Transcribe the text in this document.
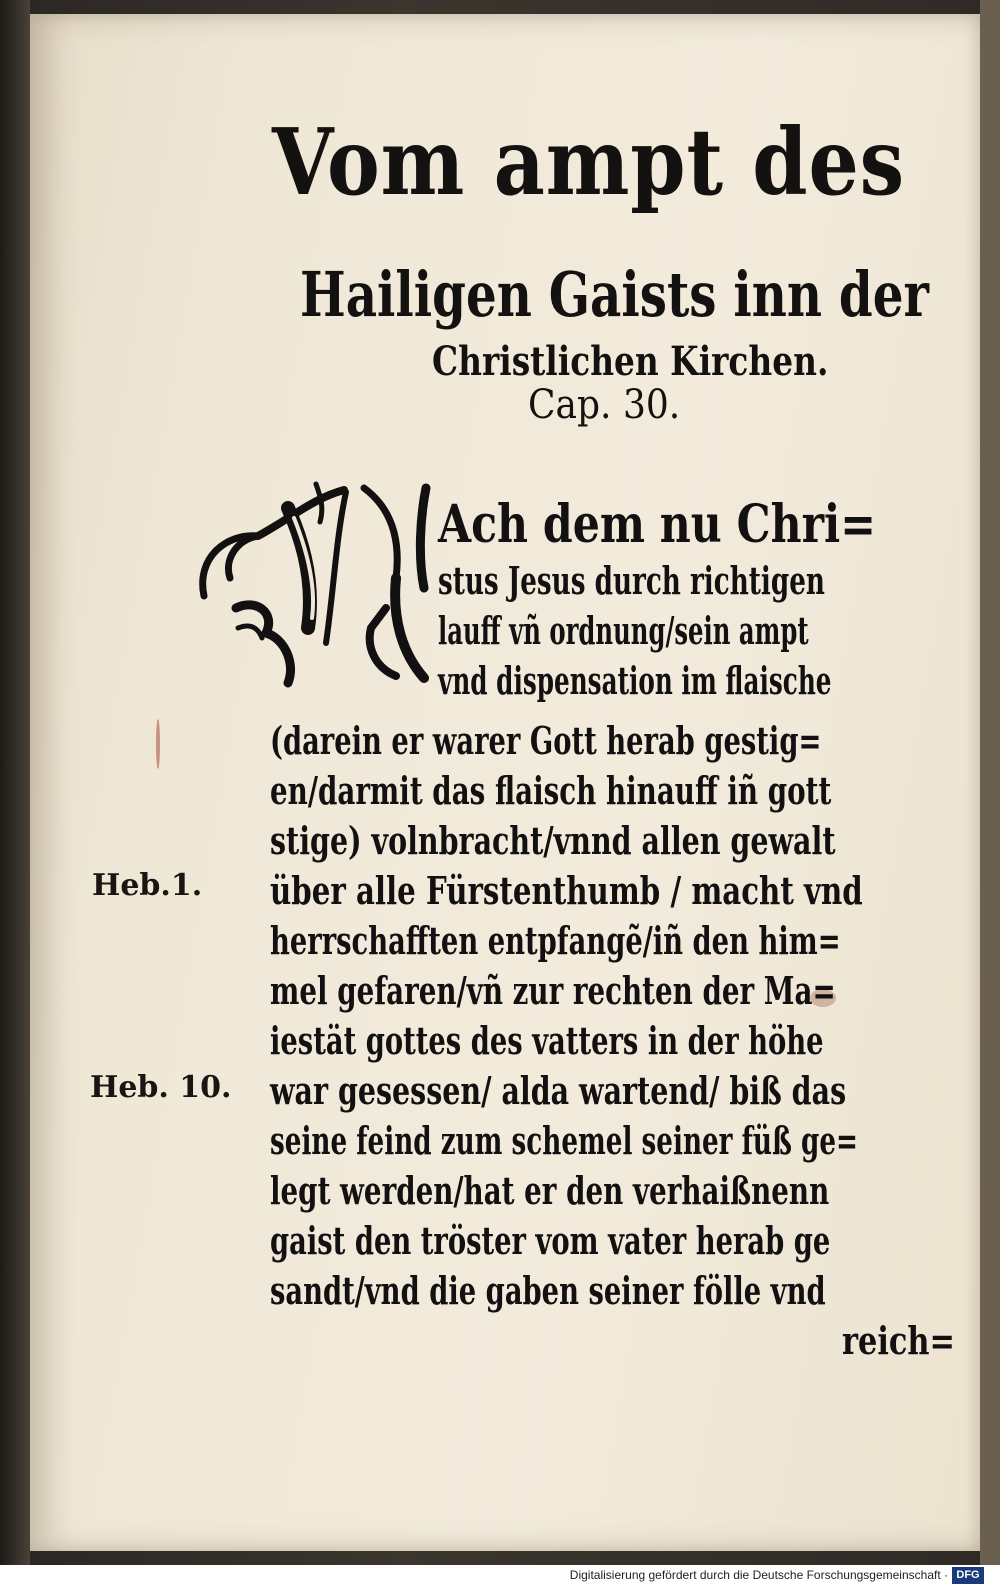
Vom ampt des
Hailigen Gaists inn der
Christlichen Kirchen.
Cap. 30.
Ach dem nu Chri=
stus Jesus durch richtigen
lauff vñ ordnung/sein ampt
vnd dispensation im flaische
(darein er warer Gott herab gestig=
en/darmit das flaisch hinauff iñ gott
stige) volnbracht/vnnd allen gewalt
über alle Fürstenthumb / macht vnd
herrschafften entpfangẽ/iñ den him=
mel gefaren/vñ zur rechten der Ma=
iestät gottes des vatters in der höhe
war gesessen/ alda wartend/ biß das
seine feind zum schemel seiner füß ge=
legt werden/hat er den verhaißnenn
gaist den tröster vom vater herab ge
sandt/vnd die gaben seiner fölle vnd
reich=
Heb.1.
Heb. 10.
Digitalisierung gefördert durch die Deutsche Forschungsgemeinschaft · DFG
